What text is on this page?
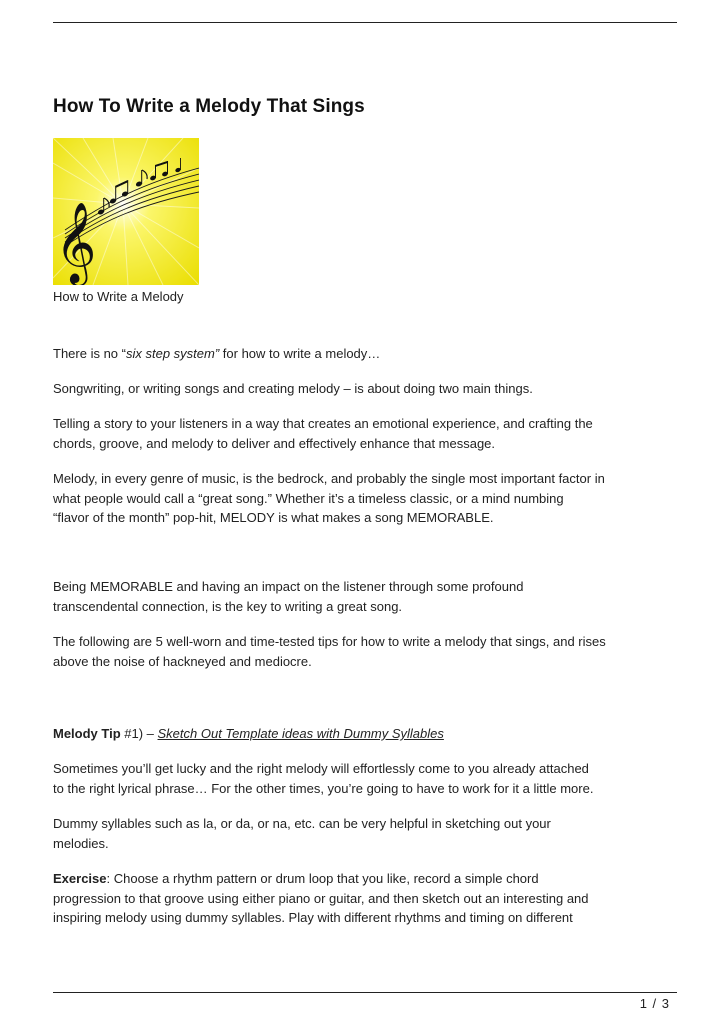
How To Write a Melody That Sings
𝄞
How to Write a Melody

There is no “six step system” for how to write a melody…

Songwriting, or writing songs and creating melody – is about doing two main things.

Telling a story to your listeners in a way that creates an emotional experience, and crafting the
chords, groove, and melody to deliver and effectively enhance that message.

Melody, in every genre of music, is the bedrock, and probably the single most important factor in
what people would call a “great song.” Whether it’s a timeless classic, or a mind numbing
“flavor of the month” pop-hit, MELODY is what makes a song MEMORABLE.

Being MEMORABLE and having an impact on the listener through some profound
transcendental connection, is the key to writing a great song.

The following are 5 well-worn and time-tested tips for how to write a melody that sings, and rises
above the noise of hackneyed and mediocre.

Melody Tip #1) – Sketch Out Template ideas with Dummy Syllables

Sometimes you’ll get lucky and the right melody will effortlessly come to you already attached
to the right lyrical phrase… For the other times, you’re going to have to work for it a little more.

Dummy syllables such as la, or da, or na, etc. can be very helpful in sketching out your
melodies.

Exercise: Choose a rhythm pattern or drum loop that you like, record a simple chord
progression to that groove using either piano or guitar, and then sketch out an interesting and
inspiring melody using dummy syllables. Play with different rhythms and timing on different

1 / 3
